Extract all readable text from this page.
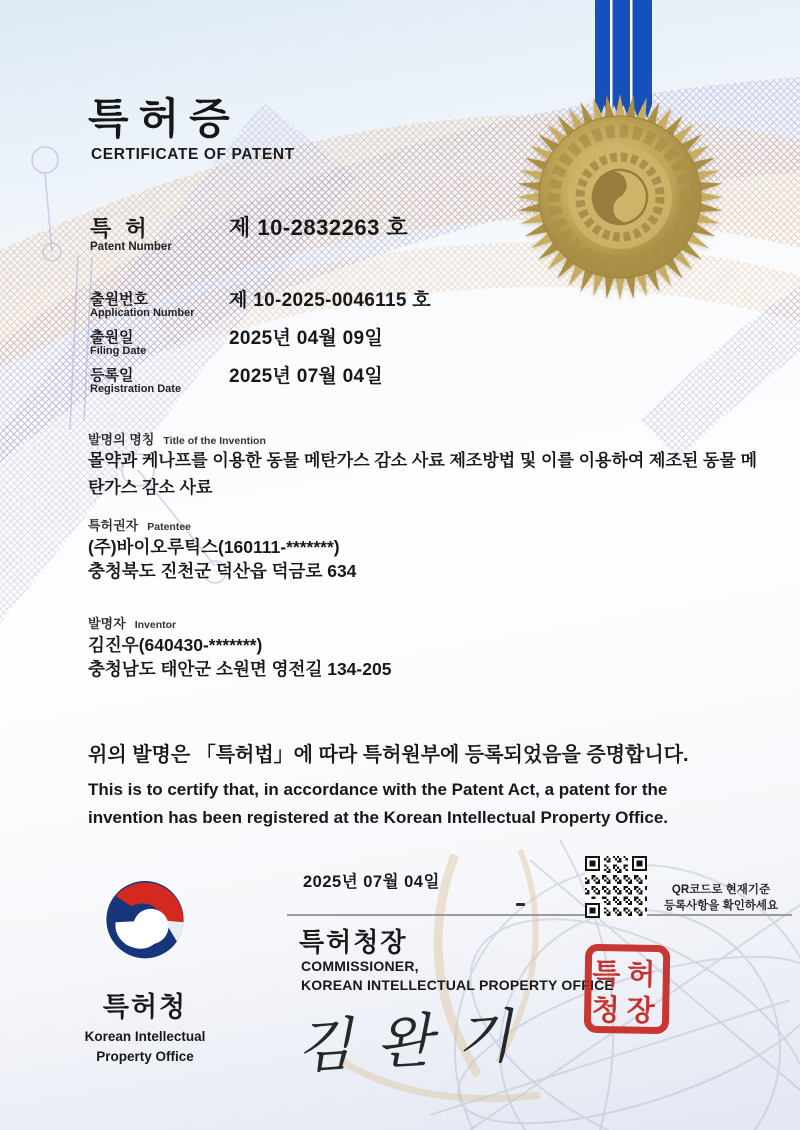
특허증
CERTIFICATE OF PATENT
특 허
Patent Number
제 10-2832263 호
출원번호
Application Number
제 10-2025-0046115 호
출원일
Filing Date
2025년 04월 09일
등록일
Registration Date
2025년 07월 04일
발명의 명칭 Title of the Invention
몰약과 케나프를 이용한 동물 메탄가스 감소 사료 제조방법 및 이를 이용하여 제조된 동물 메탄가스 감소 사료
특허권자 Patentee
(주)바이오루틱스(160111-*******)
충청북도 진천군 덕산읍 덕금로 634
발명자 Inventor
김진우(640430-*******)
충청남도 태안군 소원면 영전길 134-205
위의 발명은 「특허법」에 따라 특허원부에 등록되었음을 증명합니다.
This is to certify that, in accordance with the Patent Act, a patent for the
invention has been registered at the Korean Intellectual Property Office.
2025년 07월 04일
특허청장
COMMISSIONER,
KOREAN INTELLECTUAL PROPERTY OFFICE
김완기
QR코드로 현재기준
등록사항을 확인하세요
특허
청장
특허청
Korean Intellectual
Property Office
